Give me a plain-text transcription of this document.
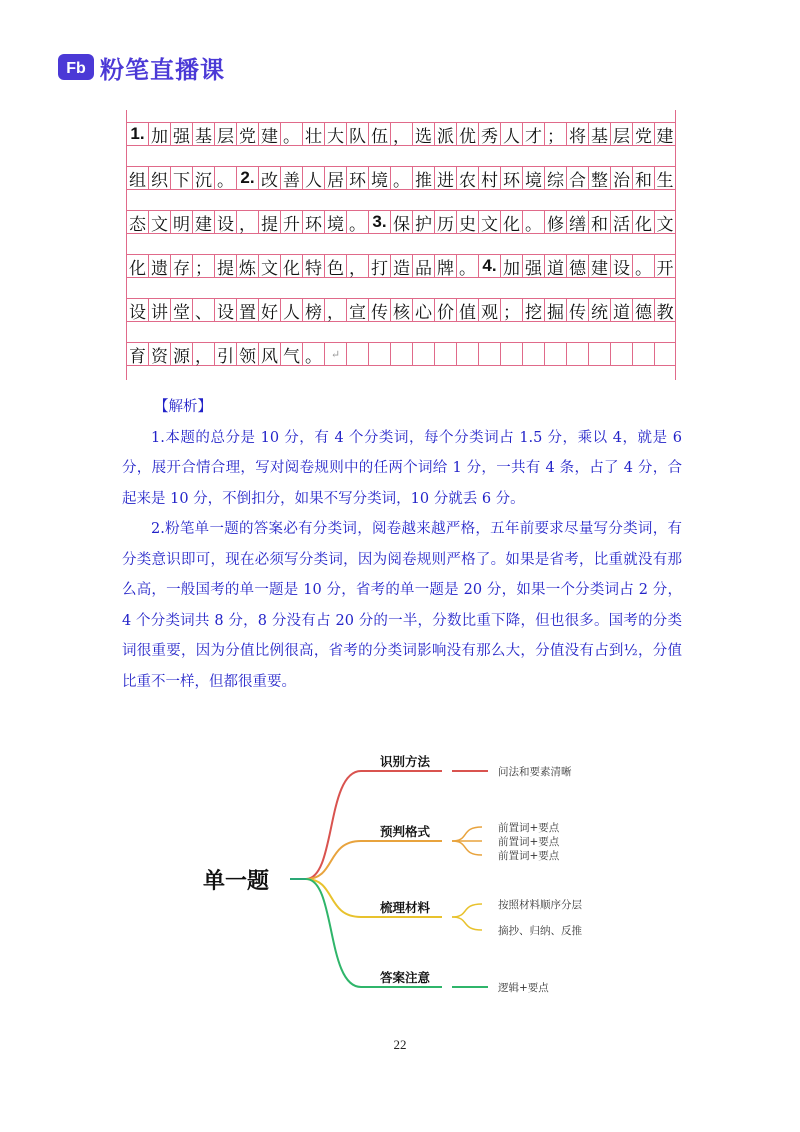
Fb 粉笔直播课
1. 加 强 基 层 党 建 。 壮 大 队 伍 ， 选 派 优 秀 人 才 ； 将 基 层 党 建
组 织 下 沉 。 2. 改 善 人 居 环 境 。 推 进 农 村 环 境 综 合 整 治 和 生
态 文 明 建 设 ， 提 升 环 境 。 3. 保 护 历 史 文 化 。 修 缮 和 活 化 文
化 遗 存 ； 提 炼 文 化 特 色 ， 打 造 品 牌 。 4. 加 强 道 德 建 设 。 开
设 讲 堂 、 设 置 好 人 榜 ， 宣 传 核 心 价 值 观 ； 挖 掘 传 统 道 德 教
育 资 源 ， 引 领 风 气 。 ↵

【解析】

1.本题的总分是 10 分，有 4 个分类词，每个分类词占 1.5 分，乘以 4，就是 6 分，展开合情合理，写对阅卷规则中的任两个词给 1 分，一共有 4 条，占了 4 分，合起来是 10 分，不倒扣分，如果不写分类词，10 分就丢 6 分。

2.粉笔单一题的答案必有分类词，阅卷越来越严格，五年前要求尽量写分类词，有分类意识即可，现在必须写分类词，因为阅卷规则严格了。如果是省考，比重就没有那么高，一般国考的单一题是 10 分，省考的单一题是 20 分，如果一个分类词占 2 分，4 个分类词共 8 分，8 分没有占 20 分的一半，分数比重下降，但也很多。国考的分类词很重要，因为分值比例很高，省考的分类词影响没有那么大，分值没有占到½，分值比重不一样，但都很重要。

单一题
识别方法
问法和要素清晰
预判格式	前置词+要点
前置词+要点
前置词+要点
梳理材料	按照材料顺序分层
摘抄、归纳、反推
答案注意
逻辑+要点
22
